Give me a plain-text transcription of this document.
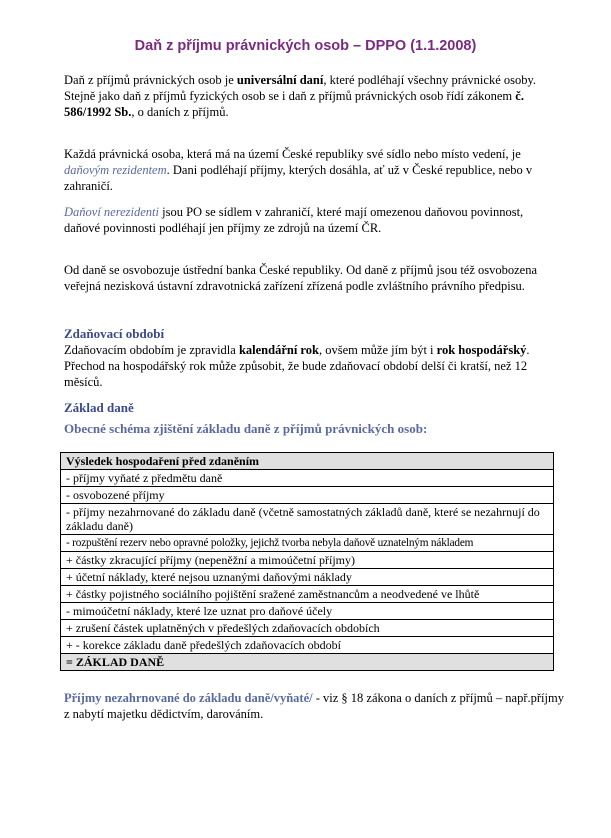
Daň z příjmu právnických osob – DPPO (1.1.2008)

Daň z příjmů právnických osob je universální daní, které podléhají všechny právnické osoby. Stejně jako daň z příjmů fyzických osob se i daň z příjmů právnických osob řídí zákonem č. 586/1992 Sb., o daních z příjmů.

Každá právnická osoba, která má na území České republiky své sídlo nebo místo vedení, je daňovým rezidentem. Dani podléhají příjmy, kterých dosáhla, ať už v České republice, nebo v zahraničí.

Daňoví nerezidenti jsou PO se sídlem v zahraničí, které mají omezenou daňovou povinnost, daňové povinnosti podléhají jen příjmy ze zdrojů na území ČR.

Od daně se osvobozuje ústřední banka České republiky. Od daně z příjmů jsou též osvobozena veřejná nezisková ústavní zdravotnická zařízení zřízená podle zvláštního právního předpisu.

Zdaňovací období

Zdaňovacím obdobím je zpravidla kalendářní rok, ovšem může jím být i rok hospodářský. Přechod na hospodářský rok může způsobit, že bude zdaňovací období delší či kratší, než 12 měsíců.

Základ daně
Obecné schéma zjištění základu daně z příjmů právnických osob:
Výsledek hospodaření před zdaněním
- příjmy vyňaté z předmětu daně
- osvobozené příjmy
- příjmy nezahrnované do základu daně (včetně samostatných základů daně, které se nezahrnují do základu daně)
- rozpuštění rezerv nebo opravné položky, jejichž tvorba nebyla daňově uznatelným nákladem
+ částky zkracující příjmy (nepeněžní a mimoúčetní příjmy)
+ účetní náklady, které nejsou uznanými daňovými náklady
+ částky pojistného sociálního pojištění sražené zaměstnancům a neodvedené ve lhůtě
- mimoúčetní náklady, které lze uznat pro daňové účely
+ zrušení částek uplatněných v předešlých zdaňovacích obdobích
+ - korekce základu daně předešlých zdaňovacích období
= ZÁKLAD DANĚ

Příjmy nezahrnované do základu daně/vyňaté/ - viz § 18 zákona o daních z příjmů – např.příjmy z nabytí majetku dědictvím, darováním.
